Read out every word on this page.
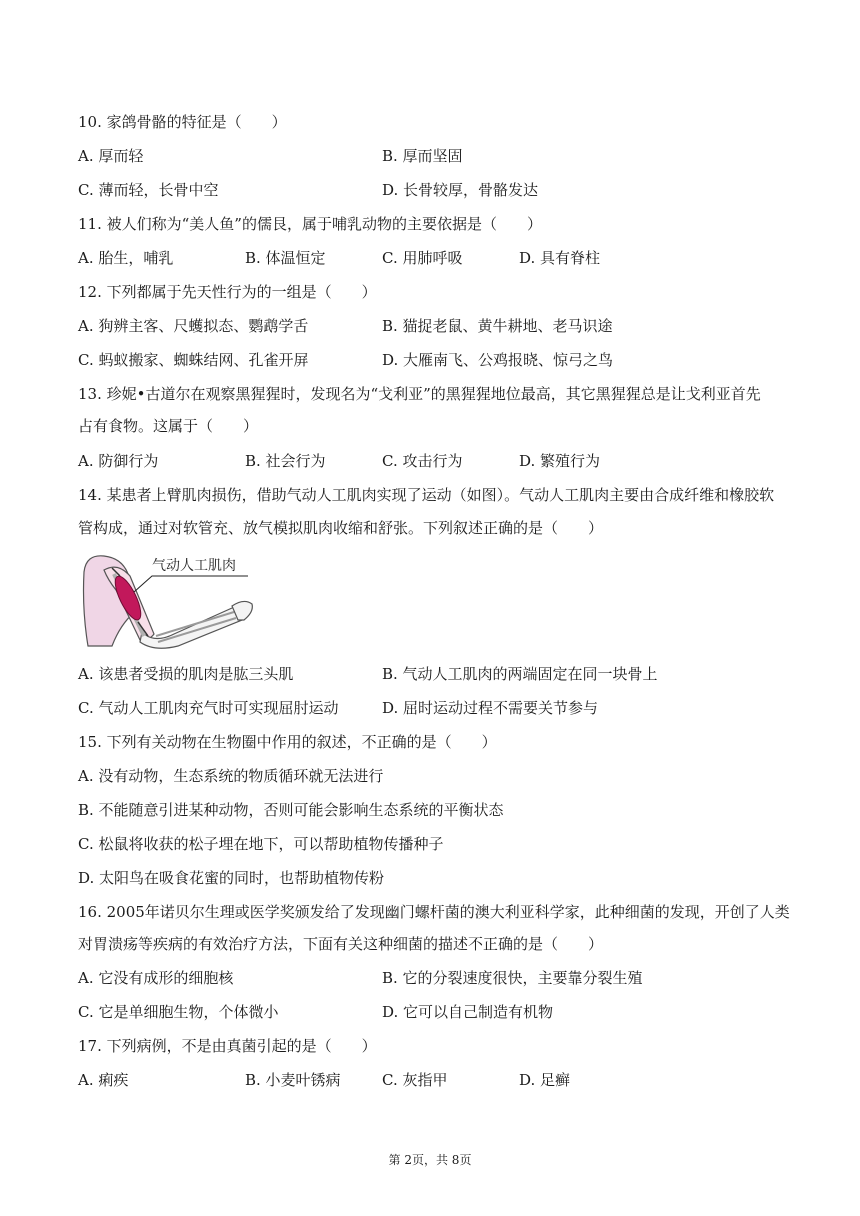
10. 家鸽骨骼的特征是（　　）
A. 厚而轻	B. 厚而坚固
C. 薄而轻，长骨中空	D. 长骨较厚，骨骼发达
11. 被人们称为“美人鱼”的儒艮，属于哺乳动物的主要依据是（　　）
A. 胎生，哺乳	B. 体温恒定	C. 用肺呼吸	D. 具有脊柱
12. 下列都属于先天性行为的一组是（　　）
A. 狗辨主客、尺蠖拟态、鹦鹉学舌	B. 猫捉老鼠、黄牛耕地、老马识途
C. 蚂蚁搬家、蜘蛛结网、孔雀开屏	D. 大雁南飞、公鸡报晓、惊弓之鸟
13. 珍妮•古道尔在观察黑猩猩时，发现名为“戈利亚”的黑猩猩地位最高，其它黑猩猩总是让戈利亚首先
占有食物。这属于（　　）
A. 防御行为	B. 社会行为	C. 攻击行为	D. 繁殖行为
14. 某患者上臂肌肉损伤，借助气动人工肌肉实现了运动（如图）。气动人工肌肉主要由合成纤维和橡胶软
管构成，通过对软管充、放气模拟肌肉收缩和舒张。下列叙述正确的是（　　）
气动人工肌肉
A. 该患者受损的肌肉是肱三头肌	B. 气动人工肌肉的两端固定在同一块骨上
C. 气动人工肌肉充气时可实现屈肘运动	D. 屈时运动过程不需要关节参与
15. 下列有关动物在生物圈中作用的叙述，不正确的是（　　）
A. 没有动物，生态系统的物质循环就无法进行
B. 不能随意引进某种动物，否则可能会影响生态系统的平衡状态
C. 松鼠将收获的松子埋在地下，可以帮助植物传播种子
D. 太阳鸟在吸食花蜜的同时，也帮助植物传粉
16. 2005年诺贝尔生理或医学奖颁发给了发现幽门螺杆菌的澳大利亚科学家，此种细菌的发现，开创了人类
对胃溃疡等疾病的有效治疗方法，下面有关这种细菌的描述不正确的是（　　）
A. 它没有成形的细胞核	B. 它的分裂速度很快，主要靠分裂生殖
C. 它是单细胞生物，个体微小	D. 它可以自己制造有机物
17. 下列病例，不是由真菌引起的是（　　）
A. 痢疾	B. 小麦叶锈病	C. 灰指甲	D. 足癣
第 2页，共 8页
